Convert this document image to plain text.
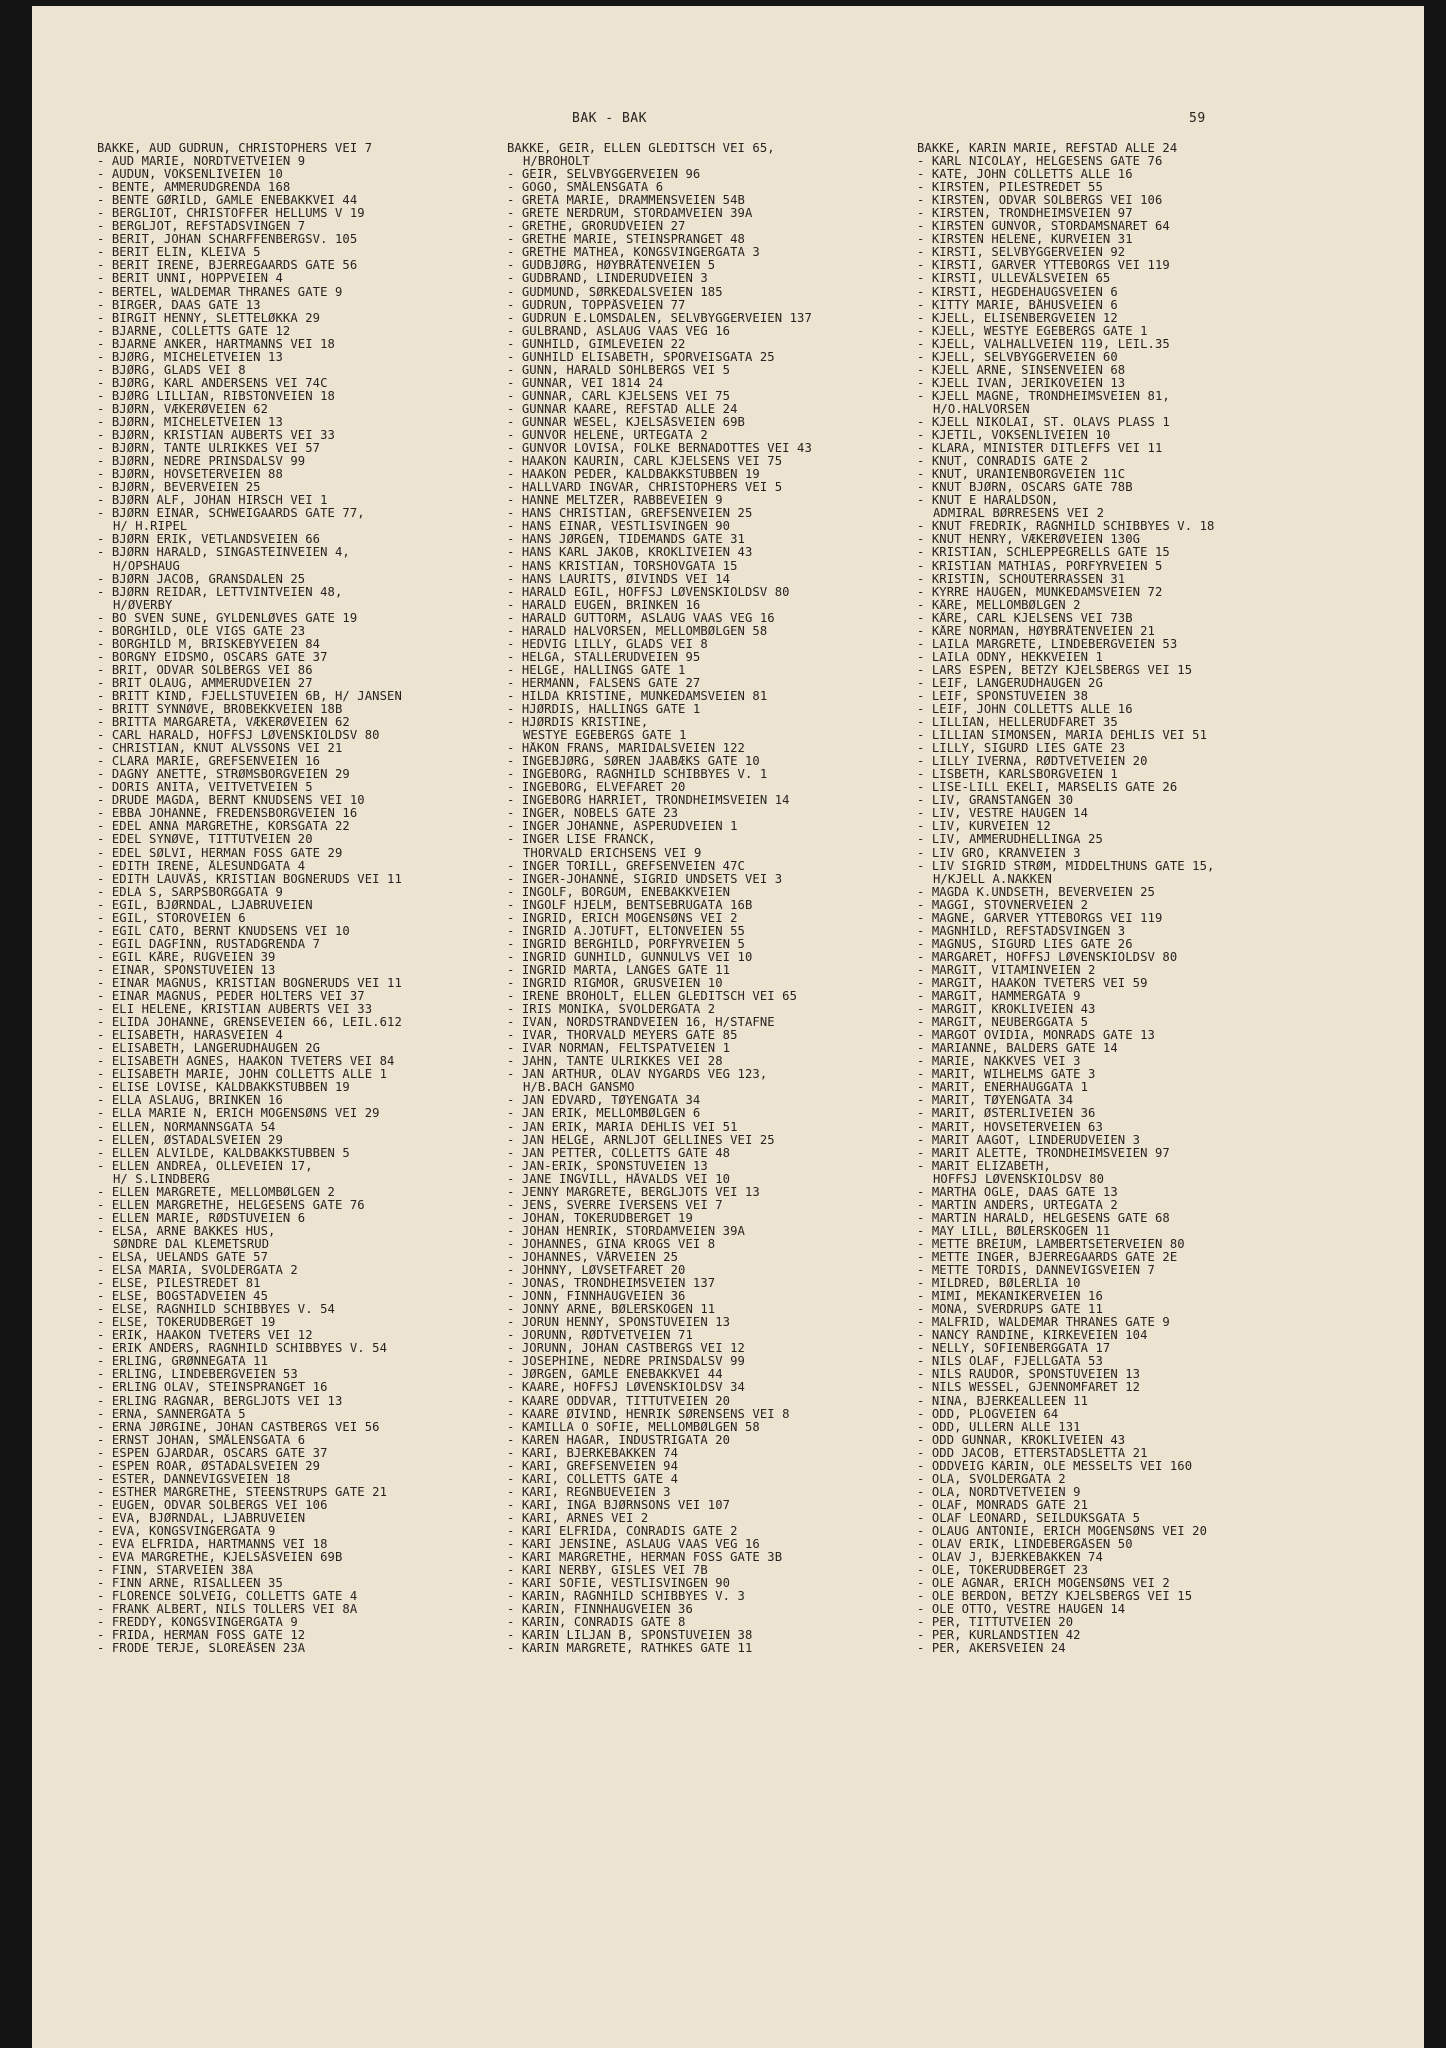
BAK - BAK	59
BAKKE, AUD GUDRUN, CHRISTOPHERS VEI 7
- AUD MARIE, NORDTVETVEIEN 9
- AUDUN, VOKSENLIVEIEN 10
- BENTE, AMMERUDGRENDA 168
- BENTE GØRILD, GAMLE ENEBAKKVEI 44
- BERGLIOT, CHRISTOFFER HELLUMS V 19
- BERGLJOT, REFSTADSVINGEN 7
- BERIT, JOHAN SCHARFFENBERGSV. 105
- BERIT ELIN, KLEIVA 5
- BERIT IRENE, BJERREGAARDS GATE 56
- BERIT UNNI, HOPPVEIEN 4
- BERTEL, WALDEMAR THRANES GATE 9
- BIRGER, DAAS GATE 13
- BIRGIT HENNY, SLETTELØKKA 29
- BJARNE, COLLETTS GATE 12
- BJARNE ANKER, HARTMANNS VEI 18
- BJØRG, MICHELETVEIEN 13
- BJØRG, GLADS VEI 8
- BJØRG, KARL ANDERSENS VEI 74C
- BJØRG LILLIAN, RIBSTONVEIEN 18
- BJØRN, VÆKERØVEIEN 62
- BJØRN, MICHELETVEIEN 13
- BJØRN, KRISTIAN AUBERTS VEI 33
- BJØRN, TANTE ULRIKKES VEI 57
- BJØRN, NEDRE PRINSDALSV 99
- BJØRN, HOVSETERVEIEN 88
- BJØRN, BEVERVEIEN 25
- BJØRN ALF, JOHAN HIRSCH VEI 1
- BJØRN EINAR, SCHWEIGAARDS GATE 77,
H/ H.RIPEL
- BJØRN ERIK, VETLANDSVEIEN 66
- BJØRN HARALD, SINGASTEINVEIEN 4,
H/OPSHAUG
- BJØRN JACOB, GRANSDALEN 25
- BJØRN REIDAR, LETTVINTVEIEN 48,
H/ØVERBY
- BO SVEN SUNE, GYLDENLØVES GATE 19
- BORGHILD, OLE VIGS GATE 23
- BORGHILD M, BRISKEBYVEIEN 84
- BORGNY EIDSMO, OSCARS GATE 37
- BRIT, ODVAR SOLBERGS VEI 86
- BRIT OLAUG, AMMERUDVEIEN 27
- BRITT KIND, FJELLSTUVEIEN 6B, H/ JANSEN
- BRITT SYNNØVE, BROBEKKVEIEN 18B
- BRITTA MARGARETA, VÆKERØVEIEN 62
- CARL HARALD, HOFFSJ LØVENSKIOLDSV 80
- CHRISTIAN, KNUT ALVSSONS VEI 21
- CLARA MARIE, GREFSENVEIEN 16
- DAGNY ANETTE, STRØMSBORGVEIEN 29
- DORIS ANITA, VEITVETVEIEN 5
- DRUDE MAGDA, BERNT KNUDSENS VEI 10
- EBBA JOHANNE, FREDENSBORGVEIEN 16
- EDEL ANNA MARGRETHE, KORSGATA 22
- EDEL SYNØVE, TITTUTVEIEN 20
- EDEL SØLVI, HERMAN FOSS GATE 29
- EDITH IRENE, ÅLESUNDGATA 4
- EDITH LAUVÅS, KRISTIAN BOGNERUDS VEI 11
- EDLA S, SARPSBORGGATA 9
- EGIL, BJØRNDAL, LJABRUVEIEN
- EGIL, STOROVEIEN 6
- EGIL CATO, BERNT KNUDSENS VEI 10
- EGIL DAGFINN, RUSTADGRENDA 7
- EGIL KÅRE, RUGVEIEN 39
- EINAR, SPONSTUVEIEN 13
- EINAR MAGNUS, KRISTIAN BOGNERUDS VEI 11
- EINAR MAGNUS, PEDER HOLTERS VEI 37
- ELI HELENE, KRISTIAN AUBERTS VEI 33
- ELIDA JOHANNE, GRENSEVEIEN 66, LEIL.612
- ELISABETH, HARASVEIEN 4
- ELISABETH, LANGERUDHAUGEN 2G
- ELISABETH AGNES, HAAKON TVETERS VEI 84
- ELISABETH MARIE, JOHN COLLETTS ALLE 1
- ELISE LOVISE, KALDBAKKSTUBBEN 19
- ELLA ASLAUG, BRINKEN 16
- ELLA MARIE N, ERICH MOGENSØNS VEI 29
- ELLEN, NORMANNSGATA 54
- ELLEN, ØSTADALSVEIEN 29
- ELLEN ALVILDE, KALDBAKKSTUBBEN 5
- ELLEN ANDREA, OLLEVEIEN 17,
H/ S.LINDBERG
- ELLEN MARGRETE, MELLOMBØLGEN 2
- ELLEN MARGRETHE, HELGESENS GATE 76
- ELLEN MARIE, RØDSTUVEIEN 6
- ELSA, ARNE BAKKES HUS,
SØNDRE DAL KLEMETSRUD
- ELSA, UELANDS GATE 57
- ELSA MARIA, SVOLDERGATA 2
- ELSE, PILESTREDET 81
- ELSE, BOGSTADVEIEN 45
- ELSE, RAGNHILD SCHIBBYES V. 54
- ELSE, TOKERUDBERGET 19
- ERIK, HAAKON TVETERS VEI 12
- ERIK ANDERS, RAGNHILD SCHIBBYES V. 54
- ERLING, GRØNNEGATA 11
- ERLING, LINDEBERGVEIEN 53
- ERLING OLAV, STEINSPRANGET 16
- ERLING RAGNAR, BERGLJOTS VEI 13
- ERNA, SANNERGATA 5
- ERNA JØRGINE, JOHAN CASTBERGS VEI 56
- ERNST JOHAN, SMÅLENSGATA 6
- ESPEN GJARDAR, OSCARS GATE 37
- ESPEN ROAR, ØSTADALSVEIEN 29
- ESTER, DANNEVIGSVEIEN 18
- ESTHER MARGRETHE, STEENSTRUPS GATE 21
- EUGEN, ODVAR SOLBERGS VEI 106
- EVA, BJØRNDAL, LJABRUVEIEN
- EVA, KONGSVINGERGATA 9
- EVA ELFRIDA, HARTMANNS VEI 18
- EVA MARGRETHE, KJELSÅSVEIEN 69B
- FINN, STARVEIEN 38A
- FINN ARNE, RISALLEEN 35
- FLORENCE SOLVEIG, COLLETTS GATE 4
- FRANK ALBERT, NILS TOLLERS VEI 8A
- FREDDY, KONGSVINGERGATA 9
- FRIDA, HERMAN FOSS GATE 12
- FRODE TERJE, SLOREÅSEN 23A
BAKKE, GEIR, ELLEN GLEDITSCH VEI 65,
H/BROHOLT
- GEIR, SELVBYGGERVEIEN 96
- GOGO, SMÅLENSGATA 6
- GRETA MARIE, DRAMMENSVEIEN 54B
- GRETE NERDRUM, STORDAMVEIEN 39A
- GRETHE, GRORUDVEIEN 27
- GRETHE MARIE, STEINSPRANGET 48
- GRETHE MATHEA, KONGSVINGERGATA 3
- GUDBJØRG, HØYBRÅTENVEIEN 5
- GUDBRAND, LINDERUDVEIEN 3
- GUDMUND, SØRKEDALSVEIEN 185
- GUDRUN, TOPPÅSVEIEN 77
- GUDRUN E.LOMSDALEN, SELVBYGGERVEIEN 137
- GULBRAND, ASLAUG VAAS VEG 16
- GUNHILD, GIMLEVEIEN 22
- GUNHILD ELISABETH, SPORVEISGATA 25
- GUNN, HARALD SOHLBERGS VEI 5
- GUNNAR, VEI 1814 24
- GUNNAR, CARL KJELSENS VEI 75
- GUNNAR KAARE, REFSTAD ALLE 24
- GUNNAR WESEL, KJELSÅSVEIEN 69B
- GUNVOR HELENE, URTEGATA 2
- GUNVOR LOVISA, FOLKE BERNADOTTES VEI 43
- HAAKON KAURIN, CARL KJELSENS VEI 75
- HAAKON PEDER, KALDBAKKSTUBBEN 19
- HALLVARD INGVAR, CHRISTOPHERS VEI 5
- HANNE MELTZER, RABBEVEIEN 9
- HANS CHRISTIAN, GREFSENVEIEN 25
- HANS EINAR, VESTLISVINGEN 90
- HANS JØRGEN, TIDEMANDS GATE 31
- HANS KARL JAKOB, KROKLIVEIEN 43
- HANS KRISTIAN, TORSHOVGATA 15
- HANS LAURITS, ØIVINDS VEI 14
- HARALD EGIL, HOFFSJ LØVENSKIOLDSV 80
- HARALD EUGEN, BRINKEN 16
- HARALD GUTTORM, ASLAUG VAAS VEG 16
- HARALD HALVORSEN, MELLOMBØLGEN 58
- HEDVIG LILLY, GLADS VEI 8
- HELGA, STALLERUDVEIEN 95
- HELGE, HALLINGS GATE 1
- HERMANN, FALSENS GATE 27
- HILDA KRISTINE, MUNKEDAMSVEIEN 81
- HJØRDIS, HALLINGS GATE 1
- HJØRDIS KRISTINE,
WESTYE EGEBERGS GATE 1
- HÅKON FRANS, MARIDALSVEIEN 122
- INGEBJØRG, SØREN JAABÆKS GATE 10
- INGEBORG, RAGNHILD SCHIBBYES V. 1
- INGEBORG, ELVEFARET 20
- INGEBORG HARRIET, TRONDHEIMSVEIEN 14
- INGER, NOBELS GATE 23
- INGER JOHANNE, ASPERUDVEIEN 1
- INGER LISE FRANCK,
THORVALD ERICHSENS VEI 9
- INGER TORILL, GREFSENVEIEN 47C
- INGER-JOHANNE, SIGRID UNDSETS VEI 3
- INGOLF, BORGUM, ENEBAKKVEIEN
- INGOLF HJELM, BENTSEBRUGATA 16B
- INGRID, ERICH MOGENSØNS VEI 2
- INGRID A.JOTUFT, ELTONVEIEN 55
- INGRID BERGHILD, PORFYRVEIEN 5
- INGRID GUNHILD, GUNNULVS VEI 10
- INGRID MARTA, LANGES GATE 11
- INGRID RIGMOR, GRUSVEIEN 10
- IRENE BROHOLT, ELLEN GLEDITSCH VEI 65
- IRIS MONIKA, SVOLDERGATA 2
- IVAN, NORDSTRANDVEIEN 16, H/STAFNE
- IVAR, THORVALD MEYERS GATE 85
- IVAR NORMAN, FELTSPATVEIEN 1
- JAHN, TANTE ULRIKKES VEI 28
- JAN ARTHUR, OLAV NYGARDS VEG 123,
H/B.BACH GANSMO
- JAN EDVARD, TØYENGATA 34
- JAN ERIK, MELLOMBØLGEN 6
- JAN ERIK, MARIA DEHLIS VEI 51
- JAN HELGE, ARNLJOT GELLINES VEI 25
- JAN PETTER, COLLETTS GATE 48
- JAN-ERIK, SPONSTUVEIEN 13
- JANE INGVILL, HÅVALDS VEI 10
- JENNY MARGRETE, BERGLJOTS VEI 13
- JENS, SVERRE IVERSENS VEI 7
- JOHAN, TOKERUDBERGET 19
- JOHAN HENRIK, STORDAMVEIEN 39A
- JOHANNES, GINA KROGS VEI 8
- JOHANNES, VÅRVEIEN 25
- JOHNNY, LØVSETFARET 20
- JONAS, TRONDHEIMSVEIEN 137
- JONN, FINNHAUGVEIEN 36
- JONNY ARNE, BØLERSKOGEN 11
- JORUN HENNY, SPONSTUVEIEN 13
- JORUNN, RØDTVETVEIEN 71
- JORUNN, JOHAN CASTBERGS VEI 12
- JOSEPHINE, NEDRE PRINSDALSV 99
- JØRGEN, GAMLE ENEBAKKVEI 44
- KAARE, HOFFSJ LØVENSKIOLDSV 34
- KAARE ODDVAR, TITTUTVEIEN 20
- KAARE ØIVIND, HENRIK SØRENSENS VEI 8
- KAMILLA O SOFIE, MELLOMBØLGEN 58
- KAREN HAGAR, INDUSTRIGATA 20
- KARI, BJERKEBAKKEN 74
- KARI, GREFSENVEIEN 94
- KARI, COLLETTS GATE 4
- KARI, REGNBUEVEIEN 3
- KARI, INGA BJØRNSONS VEI 107
- KARI, ARNES VEI 2
- KARI ELFRIDA, CONRADIS GATE 2
- KARI JENSINE, ASLAUG VAAS VEG 16
- KARI MARGRETHE, HERMAN FOSS GATE 3B
- KARI NERBY, GISLES VEI 7B
- KARI SOFIE, VESTLISVINGEN 90
- KARIN, RAGNHILD SCHIBBYES V. 3
- KARIN, FINNHAUGVEIEN 36
- KARIN, CONRADIS GATE 8
- KARIN LILJAN B, SPONSTUVEIEN 38
- KARIN MARGRETE, RATHKES GATE 11
BAKKE, KARIN MARIE, REFSTAD ALLE 24
- KARL NICOLAY, HELGESENS GATE 76
- KATE, JOHN COLLETTS ALLE 16
- KIRSTEN, PILESTREDET 55
- KIRSTEN, ODVAR SOLBERGS VEI 106
- KIRSTEN, TRONDHEIMSVEIEN 97
- KIRSTEN GUNVOR, STORDAMSNARET 64
- KIRSTEN HELENE, KURVEIEN 31
- KIRSTI, SELVBYGGERVEIEN 92
- KIRSTI, GARVER YTTEBORGS VEI 119
- KIRSTI, ULLEVÅLSVEIEN 65
- KIRSTI, HEGDEHAUGSVEIEN 6
- KITTY MARIE, BÅHUSVEIEN 6
- KJELL, ELISENBERGVEIEN 12
- KJELL, WESTYE EGEBERGS GATE 1
- KJELL, VALHALLVEIEN 119, LEIL.35
- KJELL, SELVBYGGERVEIEN 60
- KJELL ARNE, SINSENVEIEN 68
- KJELL IVAN, JERIKOVEIEN 13
- KJELL MAGNE, TRONDHEIMSVEIEN 81,
H/O.HALVORSEN
- KJELL NIKOLAI, ST. OLAVS PLASS 1
- KJETIL, VOKSENLIVEIEN 10
- KLARA, MINISTER DITLEFFS VEI 11
- KNUT, CONRADIS GATE 2
- KNUT, URANIENBORGVEIEN 11C
- KNUT BJØRN, OSCARS GATE 78B
- KNUT E HARALDSON,
ADMIRAL BØRRESENS VEI 2
- KNUT FREDRIK, RAGNHILD SCHIBBYES V. 18
- KNUT HENRY, VÆKERØVEIEN 130G
- KRISTIAN, SCHLEPPEGRELLS GATE 15
- KRISTIAN MATHIAS, PORFYRVEIEN 5
- KRISTIN, SCHOUTERRASSEN 31
- KYRRE HAUGEN, MUNKEDAMSVEIEN 72
- KÅRE, MELLOMBØLGEN 2
- KÅRE, CARL KJELSENS VEI 73B
- KÅRE NORMAN, HØYBRÅTENVEIEN 21
- LAILA MARGRETE, LINDEBERGVEIEN 53
- LAILA ODNY, HEKKVEIEN 1
- LARS ESPEN, BETZY KJELSBERGS VEI 15
- LEIF, LANGERUDHAUGEN 2G
- LEIF, SPONSTUVEIEN 38
- LEIF, JOHN COLLETTS ALLE 16
- LILLIAN, HELLERUDFARET 35
- LILLIAN SIMONSEN, MARIA DEHLIS VEI 51
- LILLY, SIGURD LIES GATE 23
- LILLY IVERNA, RØDTVETVEIEN 20
- LISBETH, KARLSBORGVEIEN 1
- LISE-LILL EKELI, MARSELIS GATE 26
- LIV, GRANSTANGEN 30
- LIV, VESTRE HAUGEN 14
- LIV, KURVEIEN 12
- LIV, AMMERUDHELLINGA 25
- LIV GRO, KRANVEIEN 3
- LIV SIGRID STRØM, MIDDELTHUNS GATE 15,
H/KJELL A.NAKKEN
- MAGDA K.UNDSETH, BEVERVEIEN 25
- MAGGI, STOVNERVEIEN 2
- MAGNE, GARVER YTTEBORGS VEI 119
- MAGNHILD, REFSTADSVINGEN 3
- MAGNUS, SIGURD LIES GATE 26
- MARGARET, HOFFSJ LØVENSKIOLDSV 80
- MARGIT, VITAMINVEIEN 2
- MARGIT, HAAKON TVETERS VEI 59
- MARGIT, HAMMERGATA 9
- MARGIT, KROKLIVEIEN 43
- MARGIT, NEUBERGGATA 5
- MARGOT OVIDIA, MONRADS GATE 13
- MARIANNE, BALDERS GATE 14
- MARIE, NAKKVES VEI 3
- MARIT, WILHELMS GATE 3
- MARIT, ENERHAUGGATA 1
- MARIT, TØYENGATA 34
- MARIT, ØSTERLIVEIEN 36
- MARIT, HOVSETERVEIEN 63
- MARIT AAGOT, LINDERUDVEIEN 3
- MARIT ALETTE, TRONDHEIMSVEIEN 97
- MARIT ELIZABETH,
HOFFSJ LØVENSKIOLDSV 80
- MARTHA OGLE, DAAS GATE 13
- MARTIN ANDERS, URTEGATA 2
- MARTIN HARALD, HELGESENS GATE 68
- MAY LILL, BØLERSKOGEN 11
- METTE BREIUM, LAMBERTSETERVEIEN 80
- METTE INGER, BJERREGAARDS GATE 2E
- METTE TORDIS, DANNEVIGSVEIEN 7
- MILDRED, BØLERLIA 10
- MIMI, MEKANIKERVEIEN 16
- MONA, SVERDRUPS GATE 11
- MALFRID, WALDEMAR THRANES GATE 9
- NANCY RANDINE, KIRKEVEIEN 104
- NELLY, SOFIENBERGGATA 17
- NILS OLAF, FJELLGATA 53
- NILS RAUDOR, SPONSTUVEIEN 13
- NILS WESSEL, GJENNOMFARET 12
- NINA, BJERKEALLEEN 11
- ODD, PLOGVEIEN 64
- ODD, ULLERN ALLE 131
- ODD GUNNAR, KROKLIVEIEN 43
- ODD JACOB, ETTERSTADSLETTA 21
- ODDVEIG KARIN, OLE MESSELTS VEI 160
- OLA, SVOLDERGATA 2
- OLA, NORDTVETVEIEN 9
- OLAF, MONRADS GATE 21
- OLAF LEONARD, SEILDUKSGATA 5
- OLAUG ANTONIE, ERICH MOGENSØNS VEI 20
- OLAV ERIK, LINDEBERGÅSEN 50
- OLAV J, BJERKEBAKKEN 74
- OLE, TOKERUDBERGET 23
- OLE AGNAR, ERICH MOGENSØNS VEI 2
- OLE BERDON, BETZY KJELSBERGS VEI 15
- OLE OTTO, VESTRE HAUGEN 14
- PER, TITTUTVEIEN 20
- PER, KURLANDSTIEN 42
- PER, AKERSVEIEN 24
